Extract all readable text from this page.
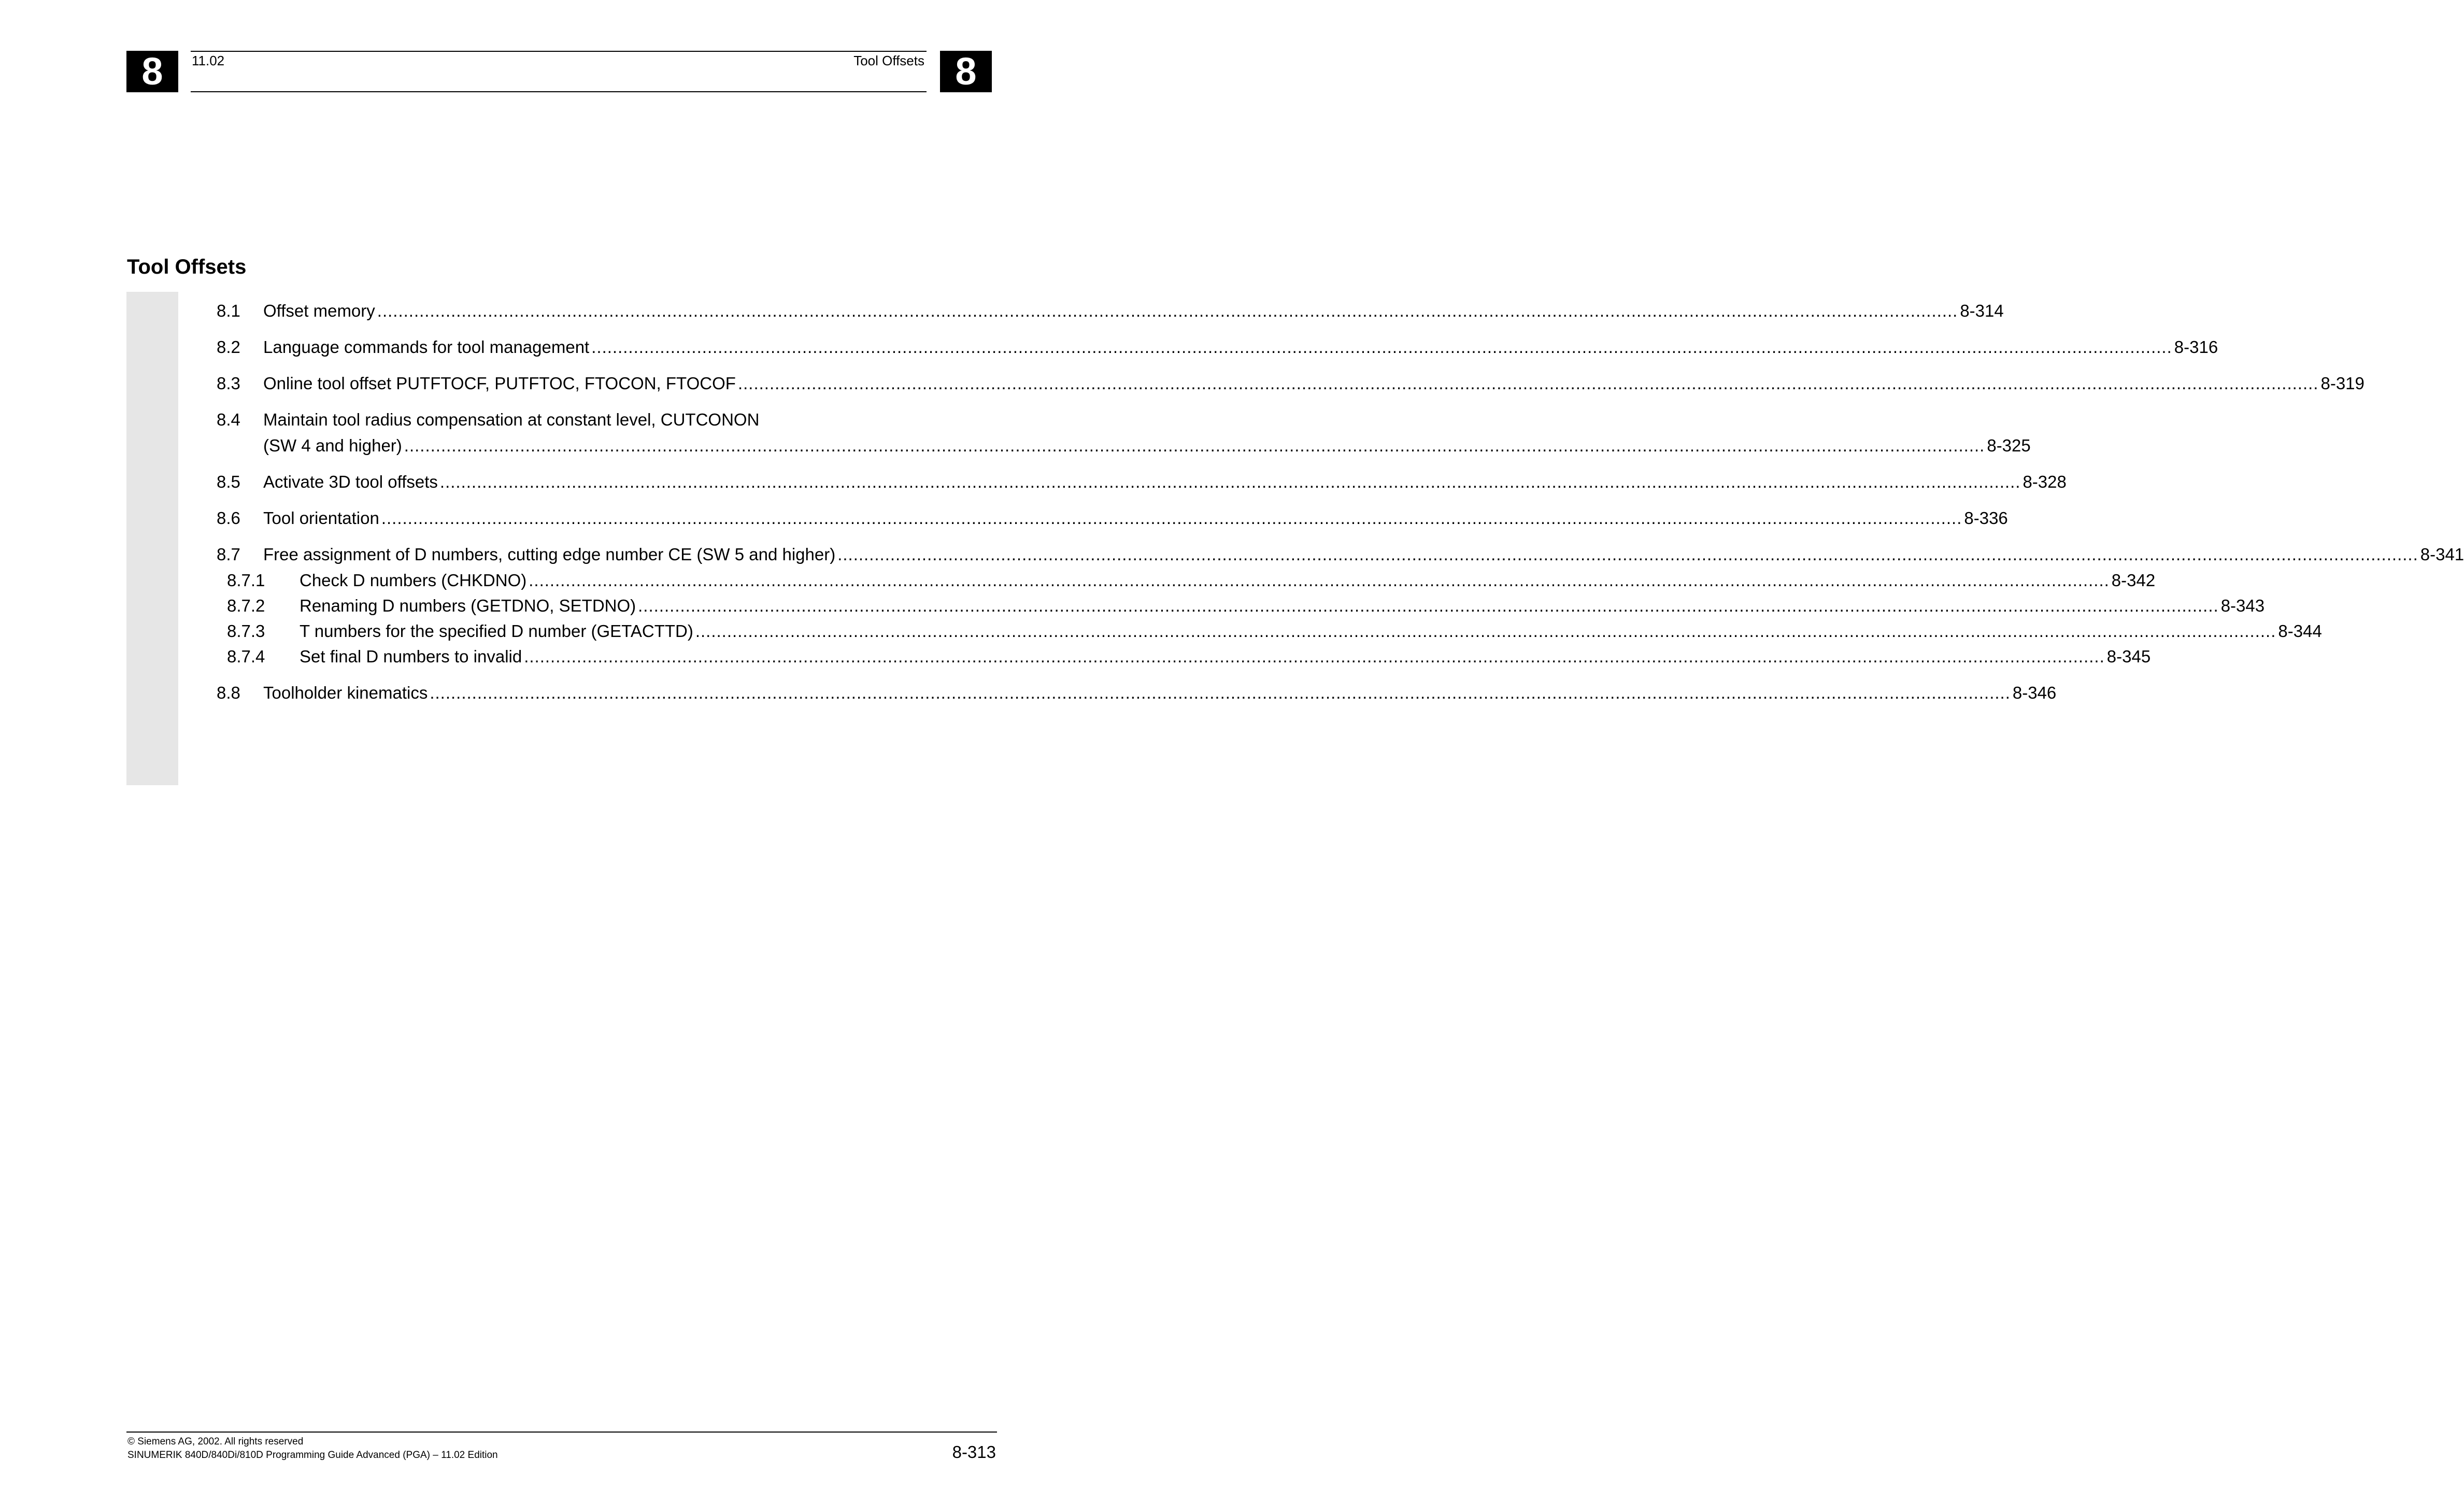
8	11.02	Tool Offsets 8
Tool Offsets
8.1	Offset memory ............................................................................................................................................................................................................................................................................................................ 8-314
8.2	Language commands for tool management ............................................................................................................................................................................................................................................................................................................ 8-316
8.3	Online tool offset PUTFTOCF, PUTFTOC, FTOCON, FTOCOF ............................................................................................................................................................................................................................................................................................................ 8-319
8.4	Maintain tool radius compensation at constant level, CUTCONON
(SW 4 and higher) ............................................................................................................................................................................................................................................................................................................ 8-325
8.5	Activate 3D tool offsets ............................................................................................................................................................................................................................................................................................................ 8-328
8.6	Tool orientation ............................................................................................................................................................................................................................................................................................................ 8-336
8.7	Free assignment of D numbers, cutting edge number CE (SW 5 and higher) ............................................................................................................................................................................................................................................................................................................ 8-341
8.7.1	Check D numbers (CHKDNO) ............................................................................................................................................................................................................................................................................................................ 8-342
8.7.2	Renaming D numbers (GETDNO, SETDNO) ............................................................................................................................................................................................................................................................................................................ 8-343
8.7.3	T numbers for the specified D number (GETACTTD) ............................................................................................................................................................................................................................................................................................................ 8-344
8.7.4	Set final D numbers to invalid ............................................................................................................................................................................................................................................................................................................ 8-345
8.8	Toolholder kinematics ............................................................................................................................................................................................................................................................................................................ 8-346
© Siemens AG, 2002. All rights reserved
SINUMERIK 840D/840Di/810D Programming Guide Advanced (PGA) – 11.02 Edition	8-313
